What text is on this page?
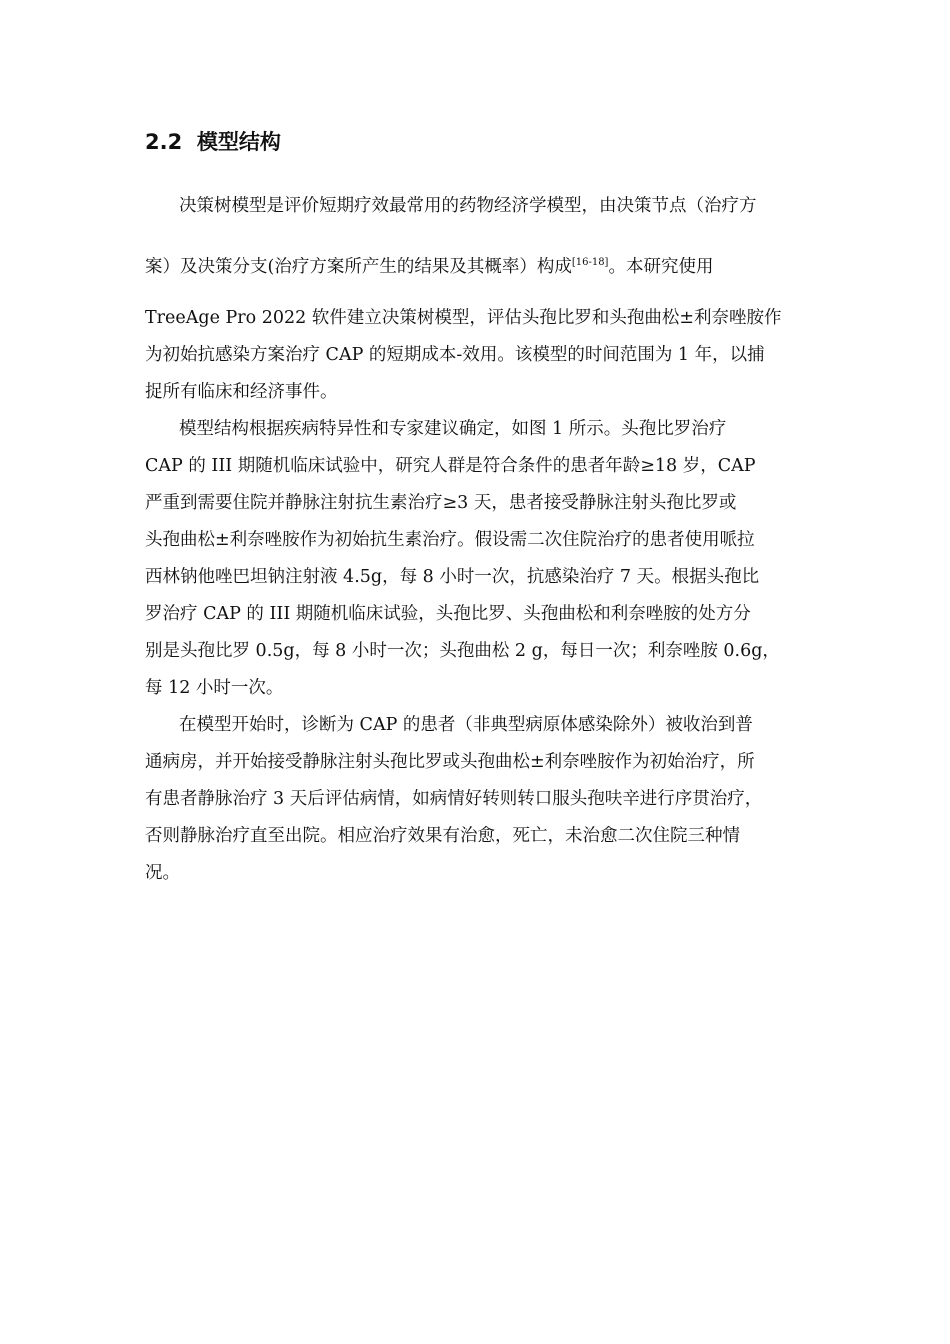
2.2 模型结构

决策树模型是评价短期疗效最常用的药物经济学模型，由决策节点（治疗方

案）及决策分支(治疗方案所产生的结果及其概率）构成[16-18]。本研究使用

TreeAge Pro 2022 软件建立决策树模型，评估头孢比罗和头孢曲松±利奈唑胺作

为初始抗感染方案治疗 CAP 的短期成本-效用。该模型的时间范围为 1 年，以捕

捉所有临床和经济事件。

模型结构根据疾病特异性和专家建议确定，如图 1 所示。头孢比罗治疗

CAP 的 III 期随机临床试验中，研究人群是符合条件的患者年龄≥18 岁，CAP

严重到需要住院并静脉注射抗生素治疗≥3 天，患者接受静脉注射头孢比罗或

头孢曲松±利奈唑胺作为初始抗生素治疗。假设需二次住院治疗的患者使用哌拉

西林钠他唑巴坦钠注射液 4.5g，每 8 小时一次，抗感染治疗 7 天。根据头孢比

罗治疗 CAP 的 III 期随机临床试验，头孢比罗、头孢曲松和利奈唑胺的处方分

别是头孢比罗 0.5g，每 8 小时一次；头孢曲松 2 g，每日一次；利奈唑胺 0.6g，

每 12 小时一次。

在模型开始时，诊断为 CAP 的患者（非典型病原体感染除外）被收治到普

通病房，并开始接受静脉注射头孢比罗或头孢曲松±利奈唑胺作为初始治疗，所

有患者静脉治疗 3 天后评估病情，如病情好转则转口服头孢呋辛进行序贯治疗，

否则静脉治疗直至出院。相应治疗效果有治愈，死亡，未治愈二次住院三种情

况。
